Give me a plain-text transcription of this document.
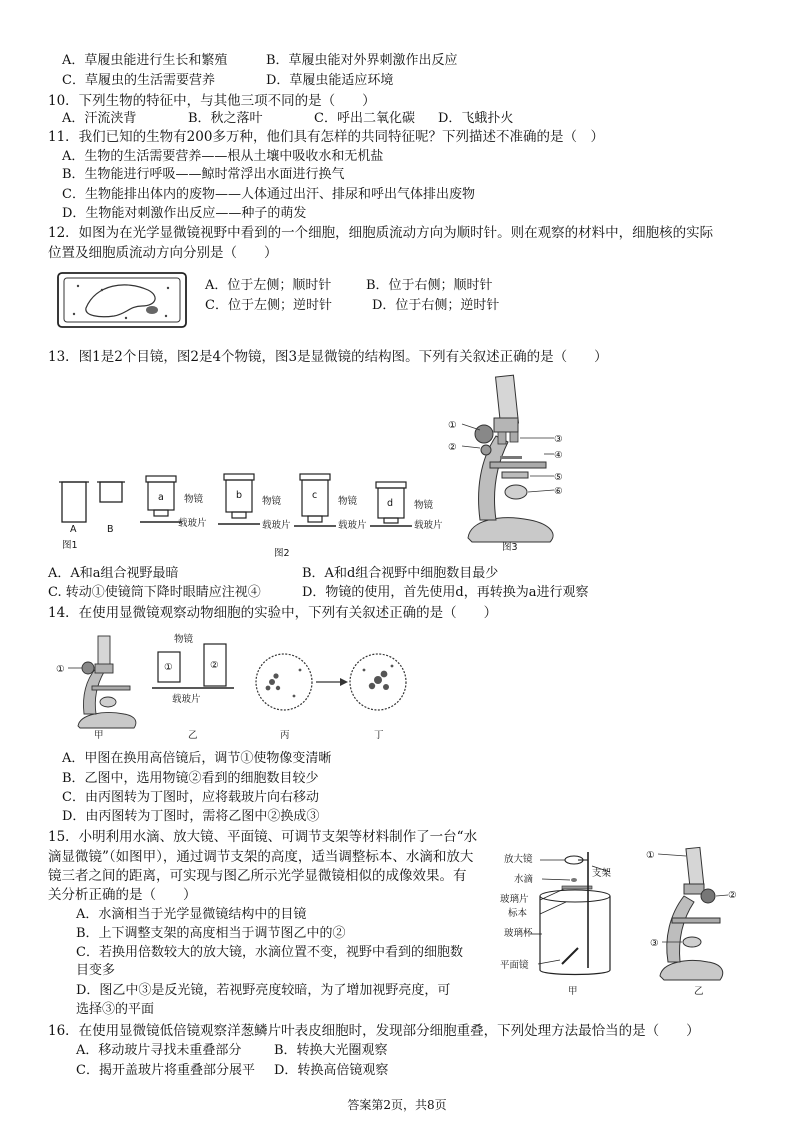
A．草履虫能进行生长和繁殖	B．草履虫能对外界刺激作出反应
C．草履虫的生活需要营养	D．草履虫能适应环境
10．下列生物的特征中，与其他三项不同的是（　　）
A．汗流浃背	B．秋之落叶	C．呼出二氧化碳 D．飞蛾扑火
11．我们已知的生物有200多万种，他们具有怎样的共同特征呢？下列描述不准确的是（　）
A．生物的生活需要营养——根从土壤中吸收水和无机盐
B．生物能进行呼吸——鲸时常浮出水面进行换气
C．生物能排出体内的废物——人体通过出汗、排尿和呼出气体排出废物
D．生物能对刺激作出反应——种子的萌发
12．如图为在光学显微镜视野中看到的一个细胞，细胞质流动方向为顺时针。则在观察的材料中，细胞核的实际
位置及细胞质流动方向分别是（　　）
A．位于左侧；顺时针	B．位于右侧；顺时针
C．位于左侧；逆时针	D．位于右侧；逆时针
13．图1是2个目镜，图2是4个物镜，图3是显微镜的结构图。下列有关叙述正确的是（　　）
A	B
图1
a 物镜
载玻片
b
物镜
载玻片
c
物镜
载玻片
d 物镜
载玻片
图2
①
②
③
④
⑤
⑥
图3
A．A和a组合视野最暗	B．A和d组合视野中细胞数目最少
C. 转动①使镜筒下降时眼睛应注视④	D．物镜的使用，首先使用d，再转换为a进行观察
14．在使用显微镜观察动物细胞的实验中，下列有关叙述正确的是（　　）
①
甲
①	②
物镜
载玻片
乙	丙	丁
A．甲图在换用高倍镜后，调节①使物像变清晰
B．乙图中，选用物镜②看到的细胞数目较少
C．由丙图转为丁图时，应将载玻片向右移动
D．由丙图转为丁图时，需将乙图中②换成③
15．小明利用水滴、放大镜、平面镜、可调节支架等材料制作了一台“水
滴显微镜”（如图甲），通过调节支架的高度，适当调整标本、水滴和放大
镜三者之间的距离，可实现与图乙所示光学显微镜相似的成像效果。有
关分析正确的是（　　）
A．水滴相当于光学显微镜结构中的目镜
B．上下调整支架的高度相当于调节图乙中的②
C．若换用倍数较大的放大镜，水滴位置不变，视野中看到的细胞数
目变多
D．图乙中③是反光镜，若视野亮度较暗，为了增加视野亮度，可
选择③的平面
放大镜
水滴
玻璃片
标本
支架
玻璃杯
平面镜
甲
①
②
③
乙
16．在使用显微镜低倍镜观察洋葱鳞片叶表皮细胞时，发现部分细胞重叠，下列处理方法最恰当的是（　　）
A．移动玻片寻找未重叠部分	B．转换大光圈观察
C．揭开盖玻片将重叠部分展平 D．转换高倍镜观察
答案第2页，共8页
